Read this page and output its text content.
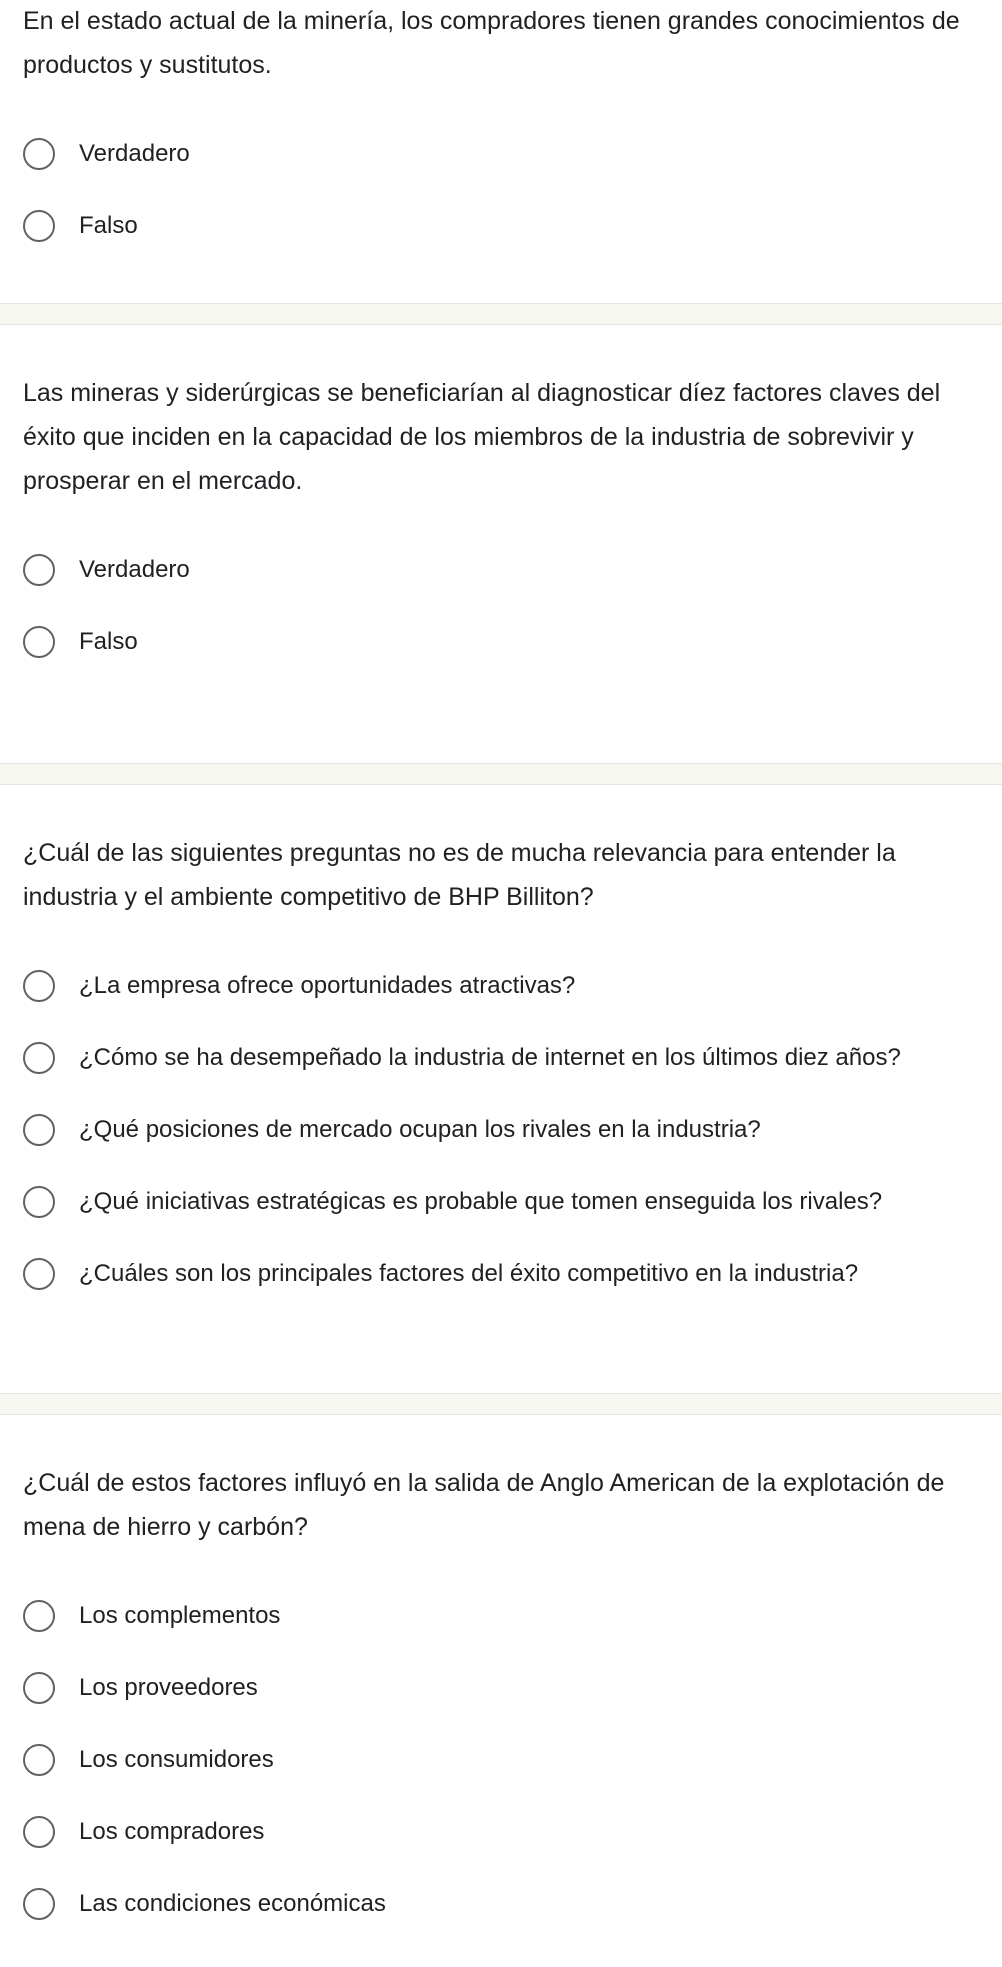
En el estado actual de la minería, los compradores tienen grandes conocimientos de productos y sustitutos.

Verdadero
Falso

Las mineras y siderúrgicas se beneficiarían al diagnosticar díez factores claves del éxito que inciden en la capacidad de los miembros de la industria de sobrevivir y prosperar en el mercado.

Verdadero
Falso

¿Cuál de las siguientes preguntas no es de mucha relevancia para entender la industria y el ambiente competitivo de BHP Billiton?

¿La empresa ofrece oportunidades atractivas?
¿Cómo se ha desempeñado la industria de internet en los últimos diez años?
¿Qué posiciones de mercado ocupan los rivales en la industria?
¿Qué iniciativas estratégicas es probable que tomen enseguida los rivales?
¿Cuáles son los principales factores del éxito competitivo en la industria?

¿Cuál de estos factores influyó en la salida de Anglo American de la explotación de mena de hierro y carbón?

Los complementos
Los proveedores
Los consumidores
Los compradores
Las condiciones económicas
